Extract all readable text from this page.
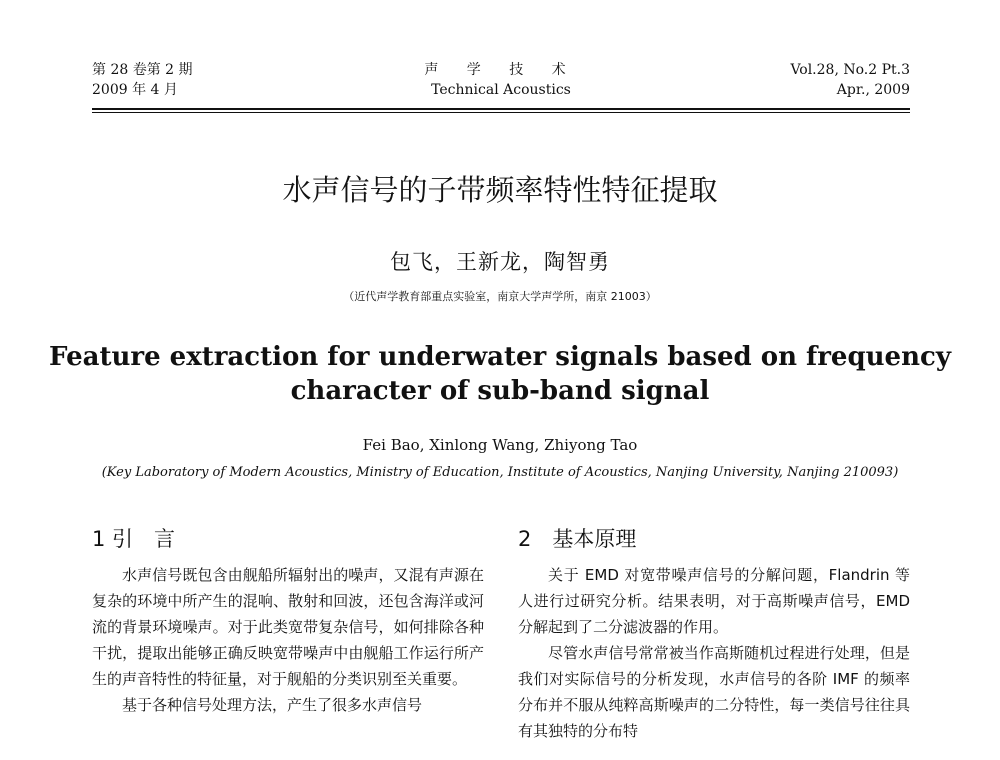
第 28 卷第 2 期
2009 年 4 月
声 学 技 术
Technical Acoustics
Vol.28, No.2 Pt.3
Apr., 2009
水声信号的子带频率特性特征提取
包飞，王新龙，陶智勇
（近代声学教育部重点实验室，南京大学声学所，南京 21003）
Feature extraction for underwater signals based on frequency
character of sub-band signal
Fei Bao, Xinlong Wang, Zhiyong Tao
(Key Laboratory of Modern Acoustics, Ministry of Education, Institute of Acoustics, Nanjing University, Nanjing 210093)
1 引　言

水声信号既包含由舰船所辐射出的噪声，又混有声源在复杂的环境中所产生的混响、散射和回波，还包含海洋或河流的背景环境噪声。对于此类宽带复杂信号，如何排除各种干扰，提取出能够正确反映宽带噪声中由舰船工作运行所产生的声音特性的特征量，对于舰船的分类识别至关重要。

基于各种信号处理方法，产生了很多水声信号

2　基本原理

关于 EMD 对宽带噪声信号的分解问题，Flandrin 等人进行过研究分析。结果表明，对于高斯噪声信号，EMD 分解起到了二分滤波器的作用。

尽管水声信号常常被当作高斯随机过程进行处理，但是我们对实际信号的分析发现，水声信号的各阶 IMF 的频率分布并不服从纯粹高斯噪声的二分特性，每一类信号往往具有其独特的分布特
